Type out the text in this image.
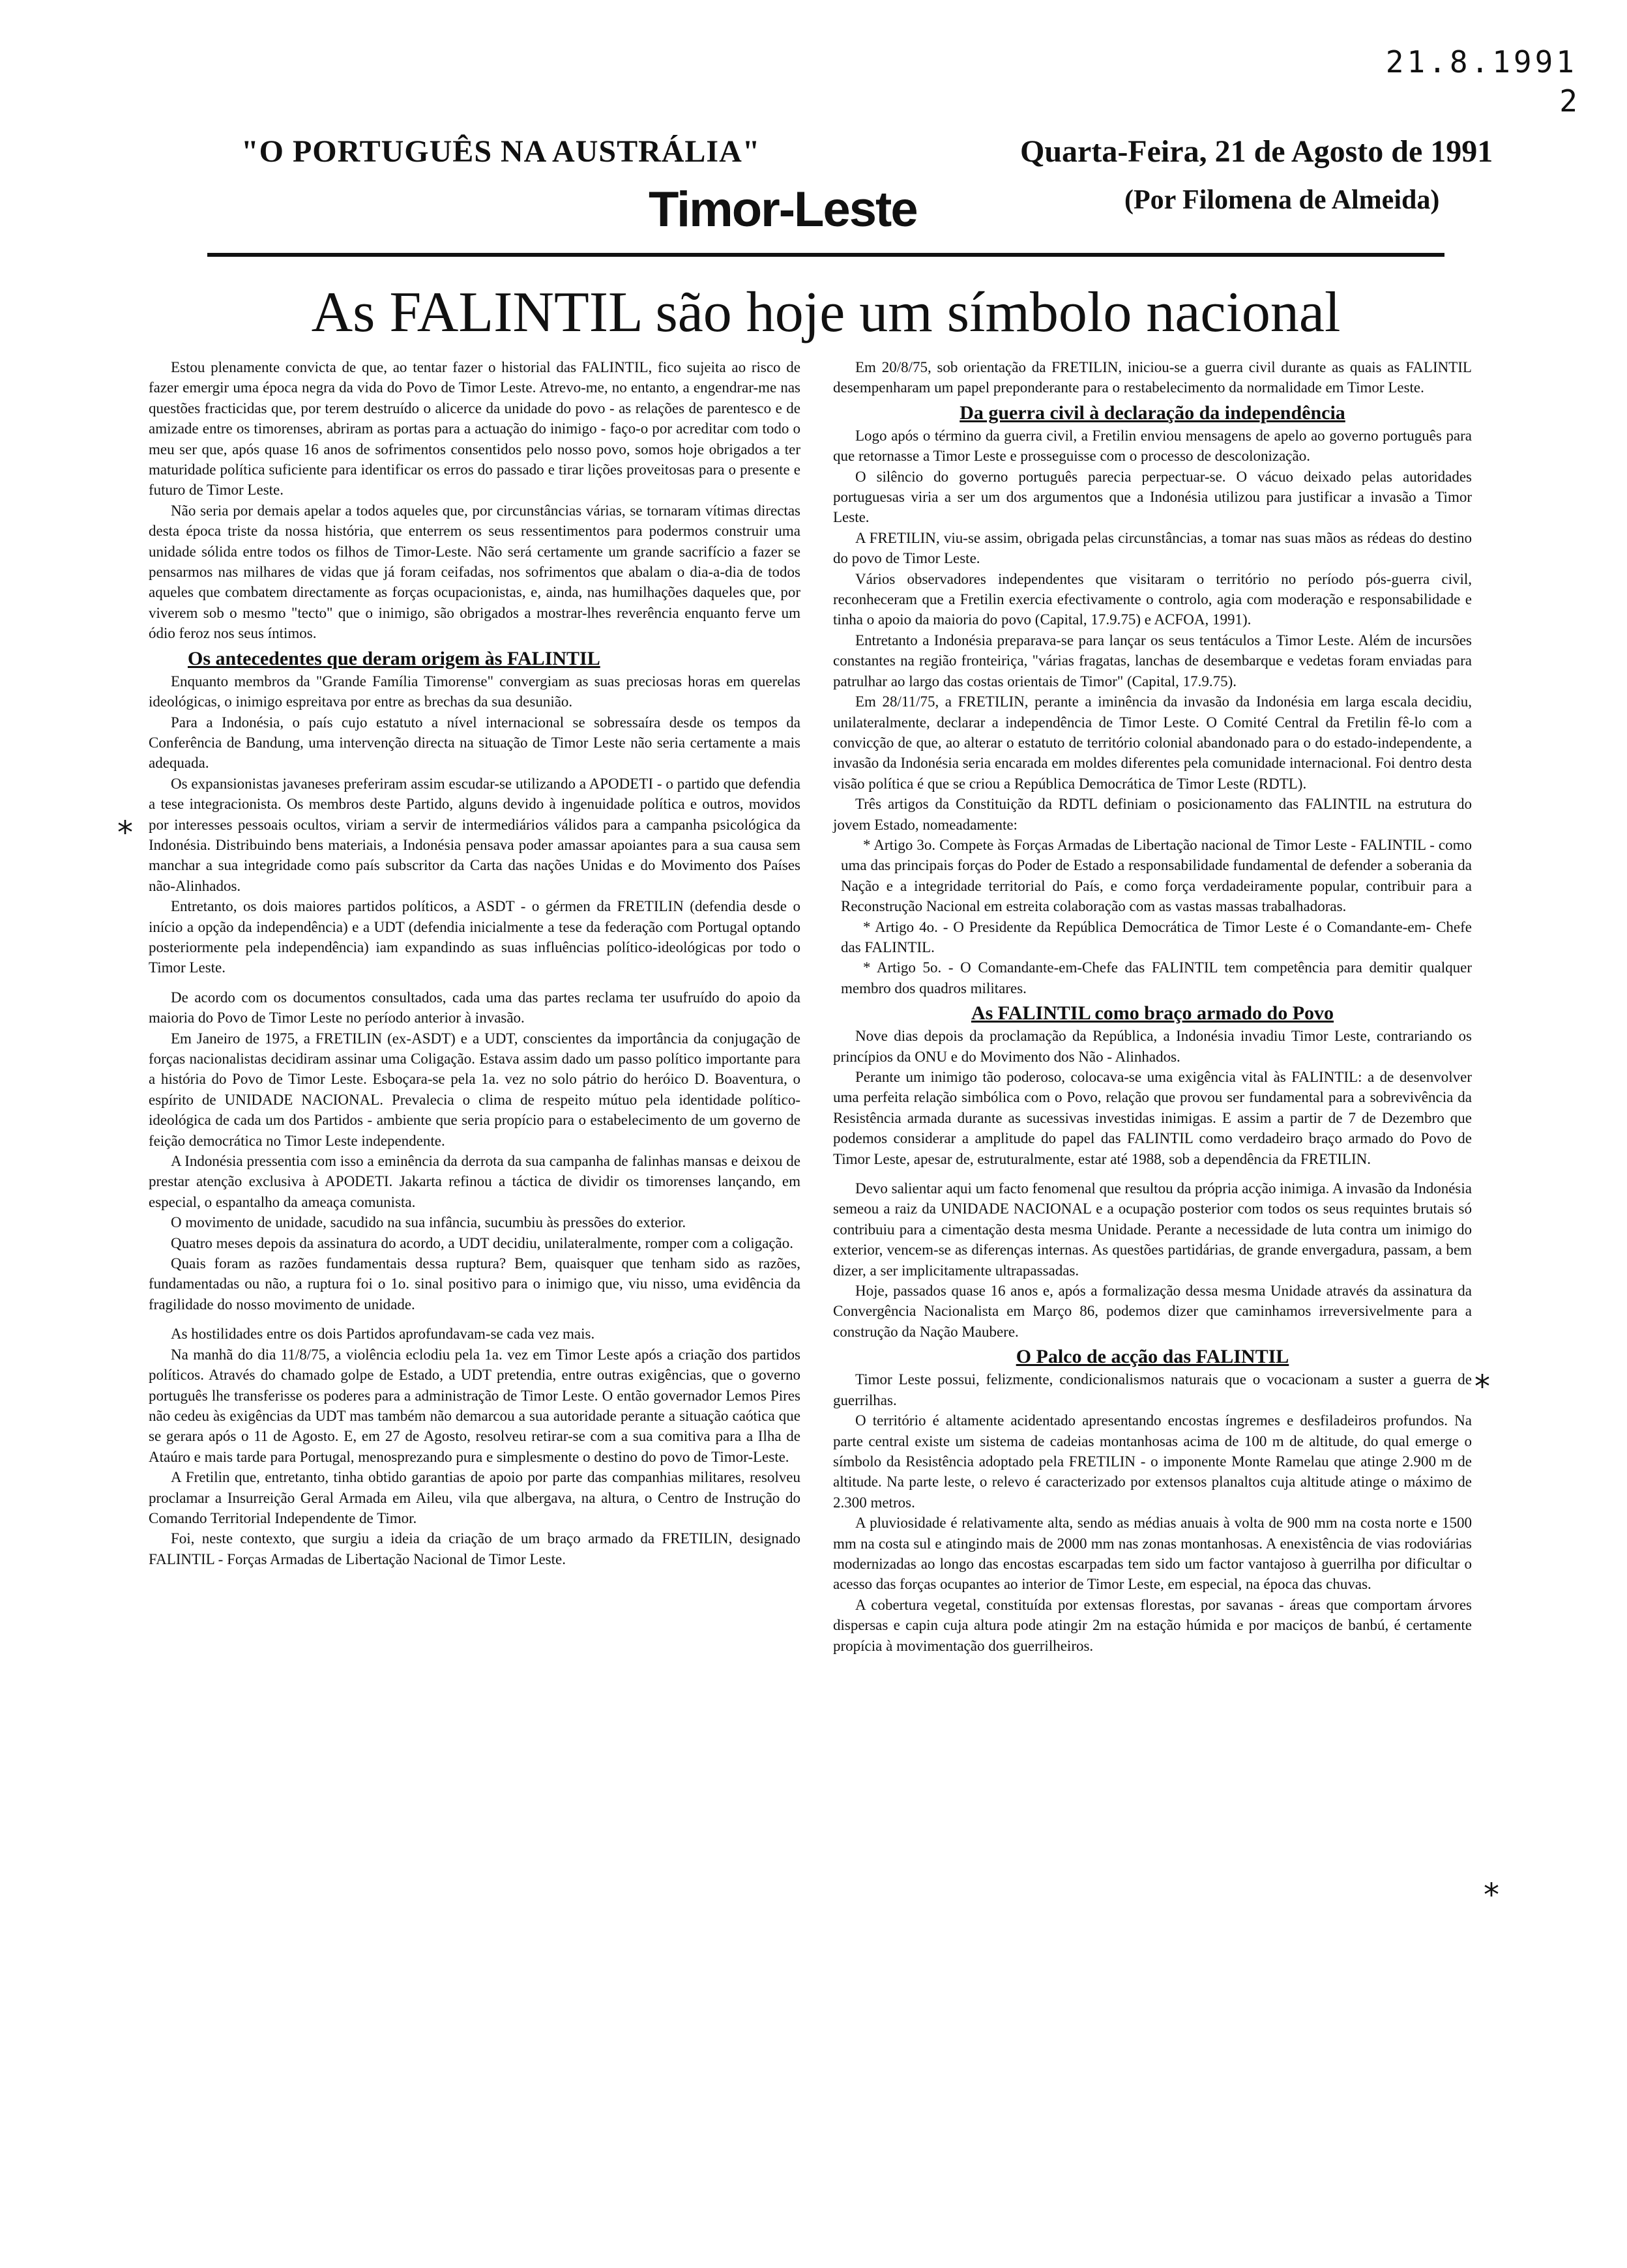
21.8.1991
2
"O PORTUGUÊS NA AUSTRÁLIA"
Timor-Leste
Quarta-Feira, 21 de Agosto de 1991
(Por Filomena de Almeida)
As FALINTIL são hoje um símbolo nacional

Estou plenamente convicta de que, ao tentar fazer o historial das FALINTIL, fico sujeita ao risco de fazer emergir uma época negra da vida do Povo de Timor Leste. Atrevo-me, no entanto, a engendrar-me nas questões fracticidas que, por terem destruído o alicerce da unidade do povo - as relações de parentesco e de amizade entre os timorenses, abriram as portas para a actuação do inimigo - faço-o por acreditar com todo o meu ser que, após quase 16 anos de sofrimentos consentidos pelo nosso povo, somos hoje obrigados a ter maturidade política suficiente para identificar os erros do passado e tirar lições proveitosas para o presente e futuro de Timor Leste.

Não seria por demais apelar a todos aqueles que, por circunstâncias várias, se tornaram vítimas directas desta época triste da nossa história, que enterrem os seus ressentimentos para podermos construir uma unidade sólida entre todos os filhos de Timor-Leste. Não será certamente um grande sacrifício a fazer se pensarmos nas milhares de vidas que já foram ceifadas, nos sofrimentos que abalam o dia-a-dia de todos aqueles que combatem directamente as forças ocupacionistas, e, ainda, nas humilhações daqueles que, por viverem sob o mesmo "tecto" que o inimigo, são obrigados a mostrar-lhes reverência enquanto ferve um ódio feroz nos seus íntimos.

Os antecedentes que deram origem às FALINTIL

Enquanto membros da "Grande Família Timorense" convergiam as suas preciosas horas em querelas ideológicas, o inimigo espreitava por entre as brechas da sua desunião.

Para a Indonésia, o país cujo estatuto a nível internacional se sobressaíra desde os tempos da Conferência de Bandung, uma intervenção directa na situação de Timor Leste não seria certamente a mais adequada.

Os expansionistas javaneses preferiram assim escudar-se utilizando a APODETI - o partido que defendia a tese integracionista. Os membros deste Partido, alguns devido à ingenuidade política e outros, movidos por interesses pessoais ocultos, viriam a servir de intermediários válidos para a campanha psicológica da Indonésia. Distribuindo bens materiais, a Indonésia pensava poder amassar apoiantes para a sua causa sem manchar a sua integridade como país subscritor da Carta das nações Unidas e do Movimento dos Países não-Alinhados.

Entretanto, os dois maiores partidos políticos, a ASDT - o gérmen da FRETILIN (defendia desde o início a opção da independência) e a UDT (defendia inicialmente a tese da federação com Portugal optando posteriormente pela independência) iam expandindo as suas influências político-ideológicas por todo o Timor Leste.

De acordo com os documentos consultados, cada uma das partes reclama ter usufruído do apoio da maioria do Povo de Timor Leste no período anterior à invasão.

Em Janeiro de 1975, a FRETILIN (ex-ASDT) e a UDT, conscientes da importância da conjugação de forças nacionalistas decidiram assinar uma Coligação. Estava assim dado um passo político importante para a história do Povo de Timor Leste. Esboçara-se pela 1a. vez no solo pátrio do heróico D. Boaventura, o espírito de UNIDADE NACIONAL. Prevalecia o clima de respeito mútuo pela identidade político-ideológica de cada um dos Partidos - ambiente que seria propício para o estabelecimento de um governo de feição democrática no Timor Leste independente.

A Indonésia pressentia com isso a eminência da derrota da sua campanha de falinhas mansas e deixou de prestar atenção exclusiva à APODETI. Jakarta refinou a táctica de dividir os timorenses lançando, em especial, o espantalho da ameaça comunista.

O movimento de unidade, sacudido na sua infância, sucumbiu às pressões do exterior.

Quatro meses depois da assinatura do acordo, a UDT decidiu, unilateralmente, romper com a coligação.

Quais foram as razões fundamentais dessa ruptura? Bem, quaisquer que tenham sido as razões, fundamentadas ou não, a ruptura foi o 1o. sinal positivo para o inimigo que, viu nisso, uma evidência da fragilidade do nosso movimento de unidade.

As hostilidades entre os dois Partidos aprofundavam-se cada vez mais.

Na manhã do dia 11/8/75, a violência eclodiu pela 1a. vez em Timor Leste após a criação dos partidos políticos. Através do chamado golpe de Estado, a UDT pretendia, entre outras exigências, que o governo português lhe transferisse os poderes para a administração de Timor Leste. O então governador Lemos Pires não cedeu às exigências da UDT mas também não demarcou a sua autoridade perante a situação caótica que se gerara após o 11 de Agosto. E, em 27 de Agosto, resolveu retirar-se com a sua comitiva para a Ilha de Ataúro e mais tarde para Portugal, menosprezando pura e simplesmente o destino do povo de Timor-Leste.

A Fretilin que, entretanto, tinha obtido garantias de apoio por parte das companhias militares, resolveu proclamar a Insurreição Geral Armada em Aileu, vila que albergava, na altura, o Centro de Instrução do Comando Territorial Independente de Timor.

Foi, neste contexto, que surgiu a ideia da criação de um braço armado da FRETILIN, designado FALINTIL - Forças Armadas de Libertação Nacional de Timor Leste.

Em 20/8/75, sob orientação da FRETILIN, iniciou-se a guerra civil durante as quais as FALINTIL desempenharam um papel preponderante para o restabelecimento da normalidade em Timor Leste.

Da guerra civil à declaração da independência

Logo após o término da guerra civil, a Fretilin enviou mensagens de apelo ao governo português para que retornasse a Timor Leste e prosseguisse com o processo de descolonização.

O silêncio do governo português parecia perpectuar-se. O vácuo deixado pelas autoridades portuguesas viria a ser um dos argumentos que a Indonésia utilizou para justificar a invasão a Timor Leste.

A FRETILIN, viu-se assim, obrigada pelas circunstâncias, a tomar nas suas mãos as rédeas do destino do povo de Timor Leste.

Vários observadores independentes que visitaram o território no período pós-guerra civil, reconheceram que a Fretilin exercia efectivamente o controlo, agia com moderação e responsabilidade e tinha o apoio da maioria do povo (Capital, 17.9.75) e ACFOA, 1991).

Entretanto a Indonésia preparava-se para lançar os seus tentáculos a Timor Leste. Além de incursões constantes na região fronteiriça, "várias fragatas, lanchas de desembarque e vedetas foram enviadas para patrulhar ao largo das costas orientais de Timor" (Capital, 17.9.75).

Em 28/11/75, a FRETILIN, perante a iminência da invasão da Indonésia em larga escala decidiu, unilateralmente, declarar a independência de Timor Leste. O Comité Central da Fretilin fê-lo com a convicção de que, ao alterar o estatuto de território colonial abandonado para o do estado-independente, a invasão da Indonésia seria encarada em moldes diferentes pela comunidade internacional. Foi dentro desta visão política é que se criou a República Democrática de Timor Leste (RDTL).

Três artigos da Constituição da RDTL definiam o posicionamento das FALINTIL na estrutura do jovem Estado, nomeadamente:

* Artigo 3o. Compete às Forças Armadas de Libertação nacional de Timor Leste - FALINTIL - como uma das principais forças do Poder de Estado a responsabilidade fundamental de defender a soberania da Nação e a integridade territorial do País, e como força verdadeiramente popular, contribuir para a Reconstrução Nacional em estreita colaboração com as vastas massas trabalhadoras.

* Artigo 4o. - O Presidente da República Democrática de Timor Leste é o Comandante-em- Chefe das FALINTIL.

* Artigo 5o. - O Comandante-em-Chefe das FALINTIL tem competência para demitir qualquer membro dos quadros militares.

As FALINTIL como braço armado do Povo

Nove dias depois da proclamação da República, a Indonésia invadiu Timor Leste, contrariando os princípios da ONU e do Movimento dos Não - Alinhados.

Perante um inimigo tão poderoso, colocava-se uma exigência vital às FALINTIL: a de desenvolver uma perfeita relação simbólica com o Povo, relação que provou ser fundamental para a sobrevivência da Resistência armada durante as sucessivas investidas inimigas. E assim a partir de 7 de Dezembro que podemos considerar a amplitude do papel das FALINTIL como verdadeiro braço armado do Povo de Timor Leste, apesar de, estruturalmente, estar até 1988, sob a dependência da FRETILIN.

Devo salientar aqui um facto fenomenal que resultou da própria acção inimiga. A invasão da Indonésia semeou a raiz da UNIDADE NACIONAL e a ocupação posterior com todos os seus requintes brutais só contribuiu para a cimentação desta mesma Unidade. Perante a necessidade de luta contra um inimigo do exterior, vencem-se as diferenças internas. As questões partidárias, de grande envergadura, passam, a bem dizer, a ser implicitamente ultrapassadas.

Hoje, passados quase 16 anos e, após a formalização dessa mesma Unidade através da assinatura da Convergência Nacionalista em Março 86, podemos dizer que caminhamos irreversivelmente para a construção da Nação Maubere.

O Palco de acção das FALINTIL

Timor Leste possui, felizmente, condicionalismos naturais que o vocacionam a suster a guerra de guerrilhas.

O território é altamente acidentado apresentando encostas íngremes e desfiladeiros profundos. Na parte central existe um sistema de cadeias montanhosas acima de 100 m de altitude, do qual emerge o símbolo da Resistência adoptado pela FRETILIN - o imponente Monte Ramelau que atinge 2.900 m de altitude. Na parte leste, o relevo é caracterizado por extensos planaltos cuja altitude atinge o máximo de 2.300 metros.

A pluviosidade é relativamente alta, sendo as médias anuais à volta de 900 mm na costa norte e 1500 mm na costa sul e atingindo mais de 2000 mm nas zonas montanhosas. A enexistência de vias rodoviárias modernizadas ao longo das encostas escarpadas tem sido um factor vantajoso à guerrilha por dificultar o acesso das forças ocupantes ao interior de Timor Leste, em especial, na época das chuvas.

A cobertura vegetal, constituída por extensas florestas, por savanas - áreas que comportam árvores dispersas e capin cuja altura pode atingir 2m na estação húmida e por maciços de banbú, é certamente propícia à movimentação dos guerrilheiros.

*
*
*
